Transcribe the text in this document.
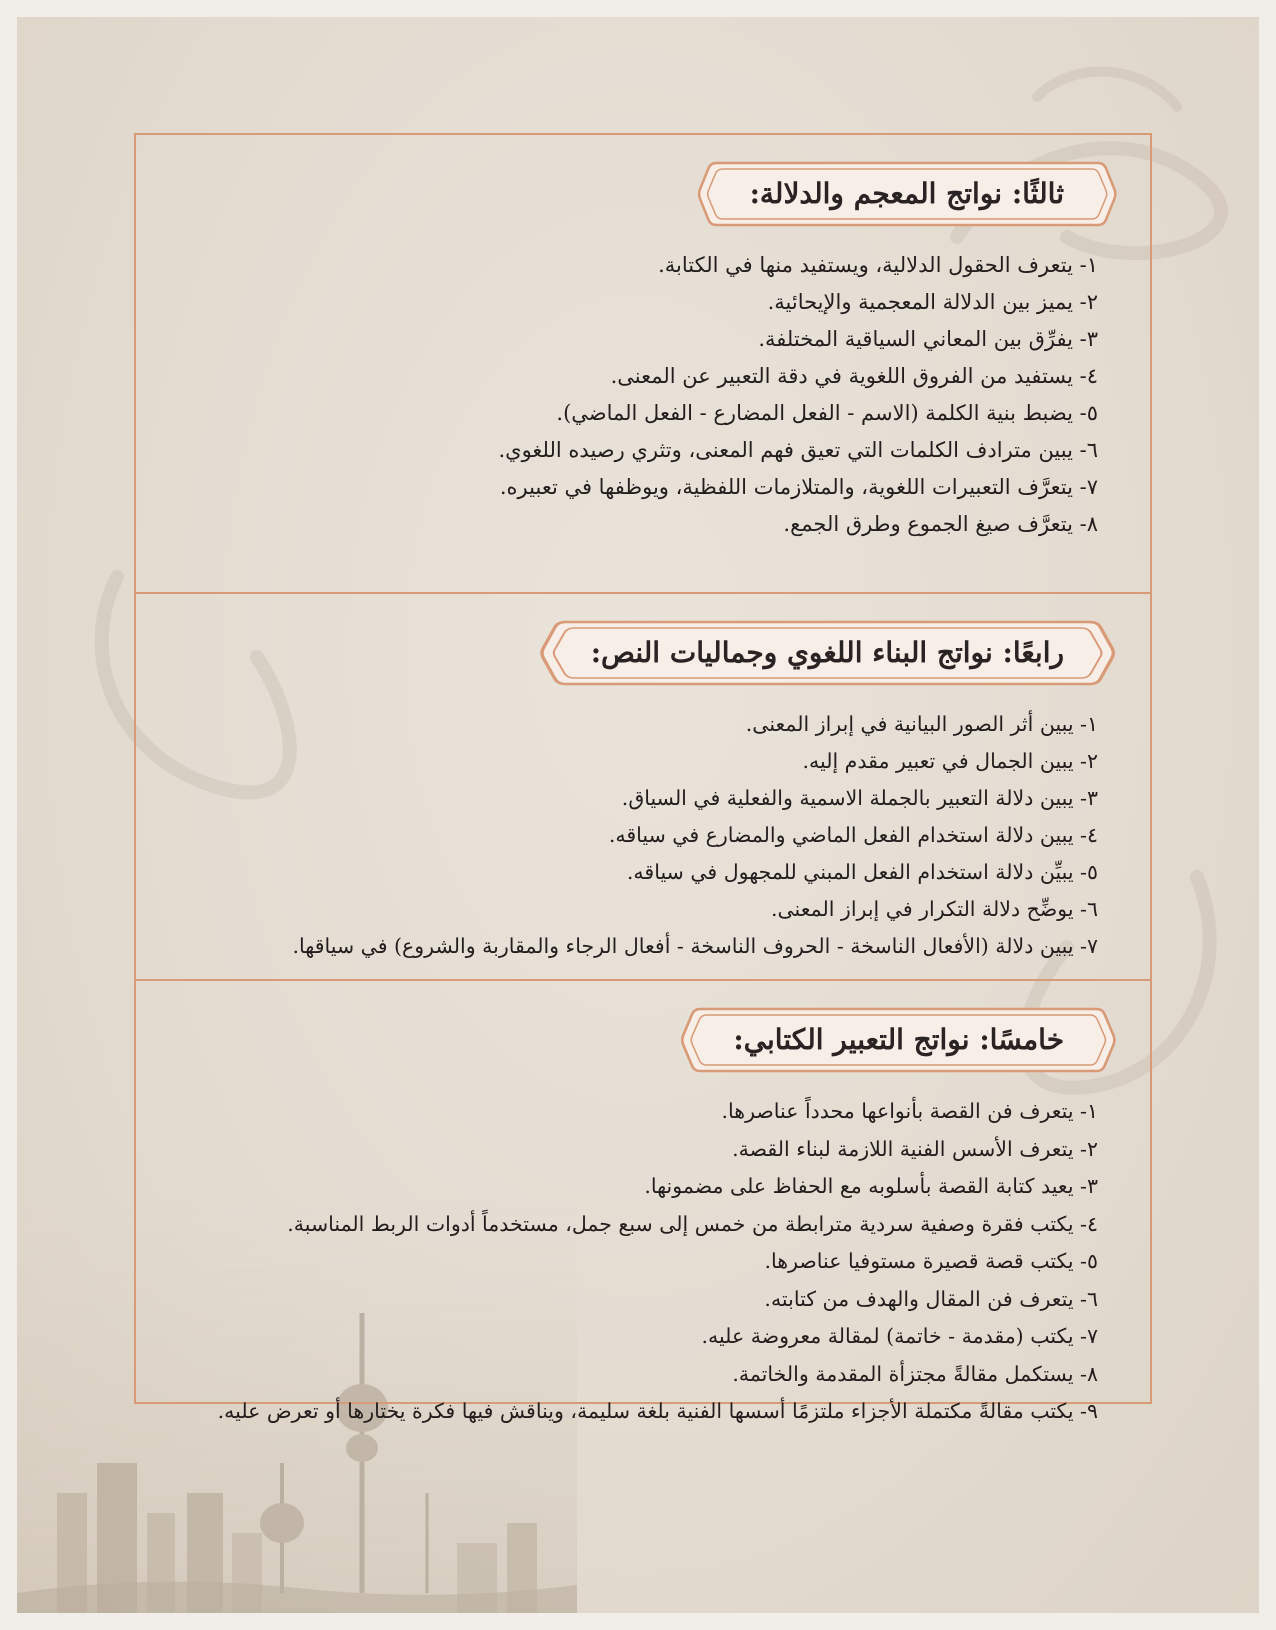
ثالثًا: نواتج المعجم والدلالة:
١- يتعرف الحقول الدلالية، ويستفيد منها في الكتابة.
٢- يميز بين الدلالة المعجمية والإيحائية.
٣- يفرِّق بين المعاني السياقية المختلفة.
٤- يستفيد من الفروق اللغوية في دقة التعبير عن المعنى.
٥- يضبط بنية الكلمة (الاسم - الفعل المضارع - الفعل الماضي).
٦- يبين مترادف الكلمات التي تعيق فهم المعنى، وتثري رصيده اللغوي.
٧- يتعرَّف التعبيرات اللغوية، والمتلازمات اللفظية، ويوظفها في تعبيره.
٨- يتعرَّف صيغ الجموع وطرق الجمع.
رابعًا: نواتج البناء اللغوي وجماليات النص:
١- يبين أثر الصور البيانية في إبراز المعنى.
٢- يبين الجمال في تعبير مقدم إليه.
٣- يبين دلالة التعبير بالجملة الاسمية والفعلية في السياق.
٤- يبين دلالة استخدام الفعل الماضي والمضارع في سياقه.
٥- يبيِّن دلالة استخدام الفعل المبني للمجهول في سياقه.
٦- يوضِّح دلالة التكرار في إبراز المعنى.
٧- يبين دلالة (الأفعال الناسخة - الحروف الناسخة - أفعال الرجاء والمقاربة والشروع) في سياقها.
خامسًا: نواتج التعبير الكتابي:
١- يتعرف فن القصة بأنواعها محدداً عناصرها.
٢- يتعرف الأسس الفنية اللازمة لبناء القصة.
٣- يعيد كتابة القصة بأسلوبه مع الحفاظ على مضمونها.
٤- يكتب فقرة وصفية سردية مترابطة من خمس إلى سبع جمل، مستخدماً أدوات الربط المناسبة.
٥- يكتب قصة قصيرة مستوفيا عناصرها.
٦- يتعرف فن المقال والهدف من كتابته.
٧- يكتب (مقدمة - خاتمة) لمقالة معروضة عليه.
٨- يستكمل مقالةً مجتزأة المقدمة والخاتمة.
٩- يكتب مقالةً مكتملة الأجزاء ملتزمًا أسسها الفنية بلغة سليمة، ويناقش فيها فكرة يختارها أو تعرض عليه.
